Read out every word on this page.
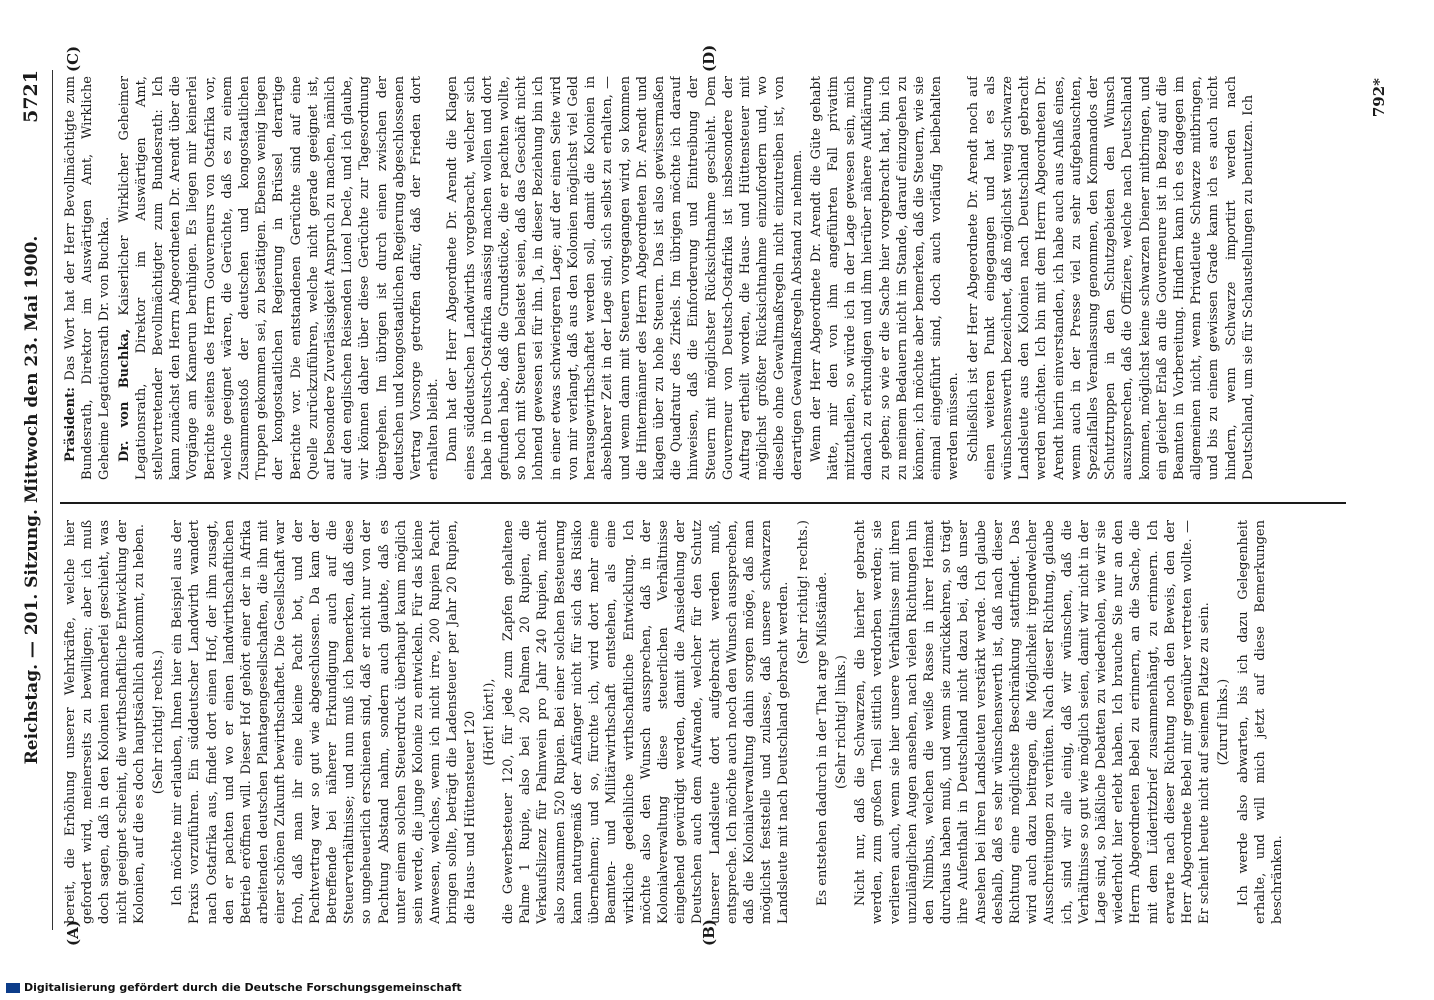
Reichstag. — 201. Sitzung. Mittwoch den 23. Mai 1900.
5721
(A)	(B)
(C)	(D)

bereit, die Erhöhung unserer Wehrkräfte, welche hier gefordert wird, meinerseits zu bewilligen; aber ich muß doch sagen, daß in den Kolonien mancherlei geschieht, was nicht geeignet scheint, die wirthschaftliche Entwicklung der Kolonien, auf die es doch hauptsächlich ankommt, zu heben. (Sehr richtig! rechts.) Ich möchte mir erlauben, Ihnen hier ein Beispiel aus der Praxis vorzuführen. Ein süddeutscher Landwirth wandert nach Ostafrika aus, findet dort einen Hof, der ihm zusagt, den er pachten und wo er einen landwirthschaftlichen Betrieb eröffnen will. Dieser Hof gehört einer der in Afrika arbeitenden deutschen Plantagengesellschaften, die ihn mit einer schönen Zukunft bewirthschaftet. Die Gesellschaft war froh, daß man ihr eine kleine Pacht bot, und der Pachtvertrag war so gut wie abgeschlossen. Da kam der Betreffende bei näherer Erkundigung auch auf die Steuerverhältnisse; und nun muß ich bemerken, daß diese so ungeheuerlich erschienen sind, daß er nicht nur von der Pachtung Abstand nahm, sondern auch glaubte, daß es unter einem solchen Steuerdruck überhaupt kaum möglich sein werde, die junge Kolonie zu entwickeln. Für das kleine Anwesen, welches, wenn ich nicht irre, 200 Rupien Pacht bringen sollte, beträgt die Ladensteuer per Jahr 20 Rupien, die Haus- und Hüttensteuer 120 (Hört! hört!), die Gewerbesteuer 120, für jede zum Zapfen gehaltene Palme 1 Rupie, also bei 20 Palmen 20 Rupien, die Verkaufslizenz für Palmwein pro Jahr 240 Rupien, macht also zusammen 520 Rupien. Bei einer solchen Besteuerung kann naturgemäß der Anfänger nicht für sich das Risiko übernehmen; und so, fürchte ich, wird dort mehr eine Beamten- und Militärwirthschaft entstehen, als eine wirkliche gedeihliche wirthschaftliche Entwicklung. Ich möchte also den Wunsch aussprechen, daß in der Kolonialverwaltung diese steuerlichen Verhältnisse eingehend gewürdigt werden, damit die Ansiedelung der Deutschen auch dem Aufwande, welcher für den Schutz unserer Landsleute dort aufgebracht werden muß, entspreche. Ich möchte auch noch den Wunsch aussprechen, daß die Kolonialverwaltung dahin sorgen möge, daß man möglichst feststelle und zulasse, daß unsere schwarzen Landsleute mit nach Deutschland gebracht werden. (Sehr richtig! rechts.) Es entstehen dadurch in der That arge Mißstände. (Sehr richtig! links.) Nicht nur, daß die Schwarzen, die hierher gebracht werden, zum großen Theil sittlich verdorben werden; sie verlieren auch, wenn sie hier unsere Verhältnisse mit ihren unzulänglichen Augen ansehen, nach vielen Richtungen hin den Nimbus, welchen die weiße Rasse in ihrer Heimat durchaus haben muß, und wenn sie zurückkehren, so trägt ihre Aufenthalt in Deutschland nicht dazu bei, daß unser Ansehen bei ihren Landsleuten verstärkt werde. Ich glaube deshalb, daß es sehr wünschenswerth ist, daß nach dieser Richtung eine möglichste Beschränkung stattfindet. Das wird auch dazu beitragen, die Möglichkeit irgendwelcher Ausschreitungen zu verhüten. Nach dieser Richtung, glaube ich, sind wir alle einig, daß wir wünschen, daß die Verhältnisse so gut wie möglich seien, damit wir nicht in der Lage sind, so häßliche Debatten zu wiederholen, wie wir sie wiederholt hier erlebt haben. Ich brauche Sie nur an den Herrn Abgeordneten Bebel zu erinnern, an die Sache, die mit dem Lüderitzbrief zusammenhängt, zu erinnern. Ich erwarte nach dieser Richtung noch den Beweis, den der Herr Abgeordnete Bebel mir gegenüber vertreten wollte. — Er scheint heute nicht auf seinem Platze zu sein. (Zuruf links.) Ich werde also abwarten, bis ich dazu Gelegenheit erhalte, und will mich jetzt auf diese Bemerkungen beschränken.

Präsident: Das Wort hat der Herr Bevollmächtigte zum Bundesrath, Direktor im Auswärtigen Amt, Wirkliche Geheime Legationsrath Dr. von Buchka. Dr. von Buchka, Kaiserlicher Wirklicher Geheimer Legationsrath, Direktor im Auswärtigen Amt, stellvertretender Bevollmächtigter zum Bundesrath: Ich kann zunächst den Herrn Abgeordneten Dr. Arendt über die Vorgänge am Kamerun beruhigen. Es liegen mir keinerlei Berichte seitens des Herrn Gouverneurs von Ostafrika vor, welche geeignet wären, die Gerüchte, daß es zu einem Zusammenstoß der deutschen und kongostaatlichen Truppen gekommen sei, zu bestätigen. Ebenso wenig liegen der kongostaatlichen Regierung in Brüssel derartige Berichte vor. Die entstandenen Gerüchte sind auf eine Quelle zurückzuführen, welche nicht gerade geeignet ist, auf besondere Zuverlässigkeit Anspruch zu machen, nämlich auf den englischen Reisenden Lionel Decle, und ich glaube, wir können daher über diese Gerüchte zur Tagesordnung übergehen. Im übrigen ist durch einen zwischen der deutschen und kongostaatlichen Regierung abgeschlossenen Vertrag Vorsorge getroffen dafür, daß der Frieden dort erhalten bleibt. Dann hat der Herr Abgeordnete Dr. Arendt die Klagen eines süddeutschen Landwirths vorgebracht, welcher sich habe in Deutsch-Ostafrika ansässig machen wollen und dort gefunden habe, daß die Grundstücke, die er pachten wollte, so hoch mit Steuern belastet seien, daß das Geschäft nicht lohnend gewesen sei für ihn. Ja, in dieser Beziehung bin ich in einer etwas schwierigeren Lage; auf der einen Seite wird von mir verlangt, daß aus den Kolonien möglichst viel Geld herausgewirthschaftet werden soll, damit die Kolonien in absehbarer Zeit in der Lage sind, sich selbst zu erhalten, — und wenn dann mit Steuern vorgegangen wird, so kommen die Hintermänner des Herrn Abgeordneten Dr. Arendt und klagen über zu hohe Steuern. Das ist also gewissermaßen die Quadratur des Zirkels. Im übrigen möchte ich darauf hinweisen, daß die Einforderung und Eintreibung der Steuern mit möglichster Rücksichtnahme geschieht. Dem Gouverneur von Deutsch-Ostafrika ist insbesondere der Auftrag ertheilt worden, die Haus- und Hüttensteuer mit möglichst größter Rücksichtnahme einzufordern und, wo dieselbe ohne Gewaltmaßregeln nicht einzutreiben ist, von derartigen Gewaltmaßregeln Abstand zu nehmen. Wenn der Herr Abgeordnete Dr. Arendt die Güte gehabt hätte, mir den von ihm angeführten Fall privatim mitzutheilen, so würde ich in der Lage gewesen sein, mich danach zu erkundigen und ihm hierüber nähere Aufklärung zu geben; so wie er die Sache hier vorgebracht hat, bin ich zu meinem Bedauern nicht im Stande, darauf einzugehen zu können; ich möchte aber bemerken, daß die Steuern, wie sie einmal eingeführt sind, doch auch vorläufig beibehalten werden müssen. Schließlich ist der Herr Abgeordnete Dr. Arendt noch auf einen weiteren Punkt eingegangen und hat es als wünschenswerth bezeichnet, daß möglichst wenig schwarze Landsleute aus den Kolonien nach Deutschland gebracht werden möchten. Ich bin mit dem Herrn Abgeordneten Dr. Arendt hierin einverstanden, ich habe auch aus Anlaß eines, wenn auch in der Presse viel zu sehr aufgebauschten, Spezialfalles Veranlassung genommen, den Kommandos der Schutztruppen in den Schutzgebieten den Wunsch auszusprechen, daß die Offiziere, welche nach Deutschland kommen, möglichst keine schwarzen Diener mitbringen, und ein gleicher Erlaß an die Gouverneure ist in Bezug auf die Beamten in Vorbereitung. Hindern kann ich es dagegen im allgemeinen nicht, wenn Privatleute Schwarze mitbringen, und bis zu einem gewissen Grade kann ich es auch nicht hindern, wenn Schwarze importirt werden nach Deutschland, um sie für Schaustellungen zu benutzen. Ich	792*
Digitalisierung gefördert durch die Deutsche Forschungsgemeinschaft
